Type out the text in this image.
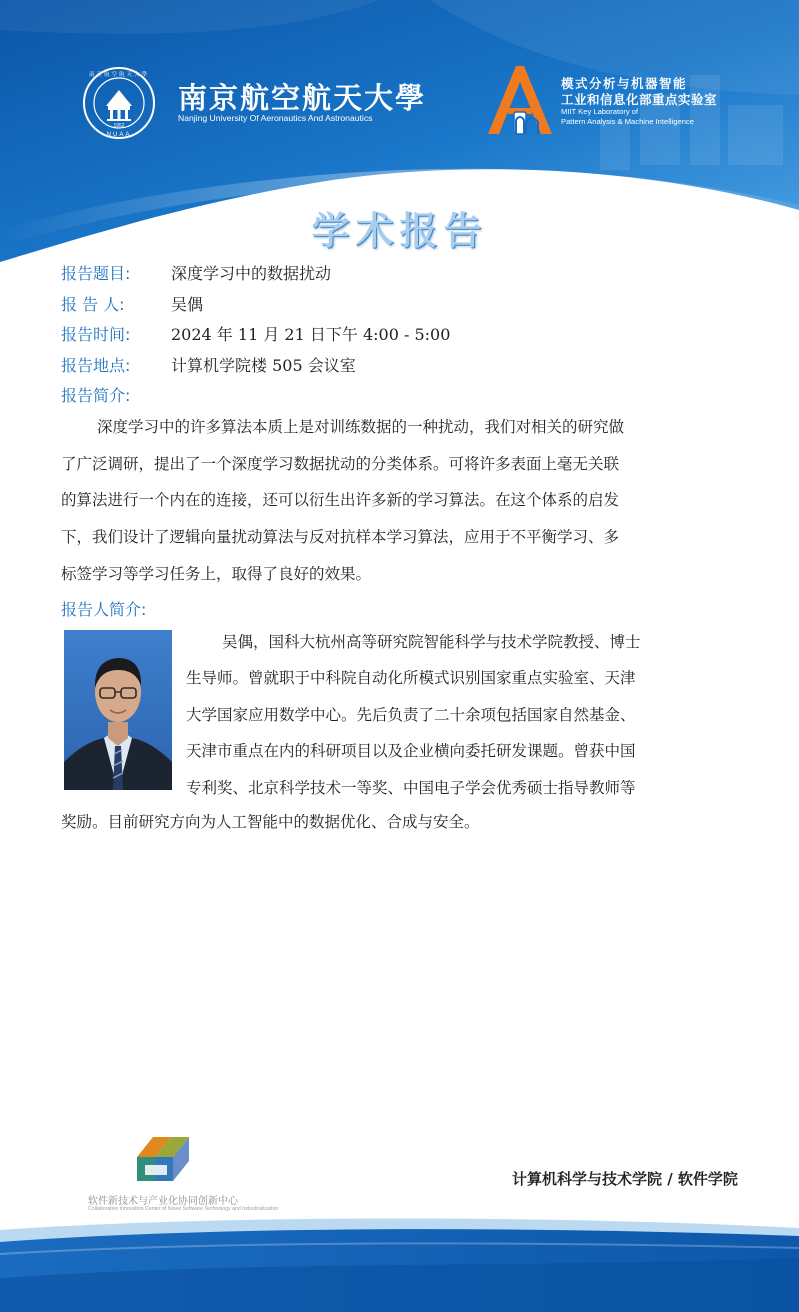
1952
NUAA
南京航空航天大學
南京航空航天大學
Nanjing University Of Aeronautics And Astronautics
模式分析与机器智能
工业和信息化部重点实验室
MIIT Key Laboratory of
Pattern Analysis & Machine Intelligence
学术报告
报告题目:	深度学习中的数据扰动
报 告 人:	吴偶
报告时间:	2024 年 11 月 21 日下午 4:00 - 5:00
报告地点:	计算机学院楼 505 会议室
报告简介:
深度学习中的许多算法本质上是对训练数据的一种扰动，我们对相关的研究做
了广泛调研，提出了一个深度学习数据扰动的分类体系。可将许多表面上毫无关联
的算法进行一个内在的连接，还可以衍生出许多新的学习算法。在这个体系的启发
下，我们设计了逻辑向量扰动算法与反对抗样本学习算法，应用于不平衡学习、多
标签学习等学习任务上，取得了良好的效果。
报告人简介:
吴偶，国科大杭州高等研究院智能科学与技术学院教授、博士
生导师。曾就职于中科院自动化所模式识别国家重点实验室、天津
大学国家应用数学中心。先后负责了二十余项包括国家自然基金、
天津市重点在内的科研项目以及企业横向委托研发课题。曾获中国
专利奖、北京科学技术一等奖、中国电子学会优秀硕士指导教师等
奖励。目前研究方向为人工智能中的数据优化、合成与安全。
软件新技术与产业化协同创新中心
Collaborative Innovation Center of Novel Software Technology and Industrialization
计算机科学与技术学院 / 软件学院
